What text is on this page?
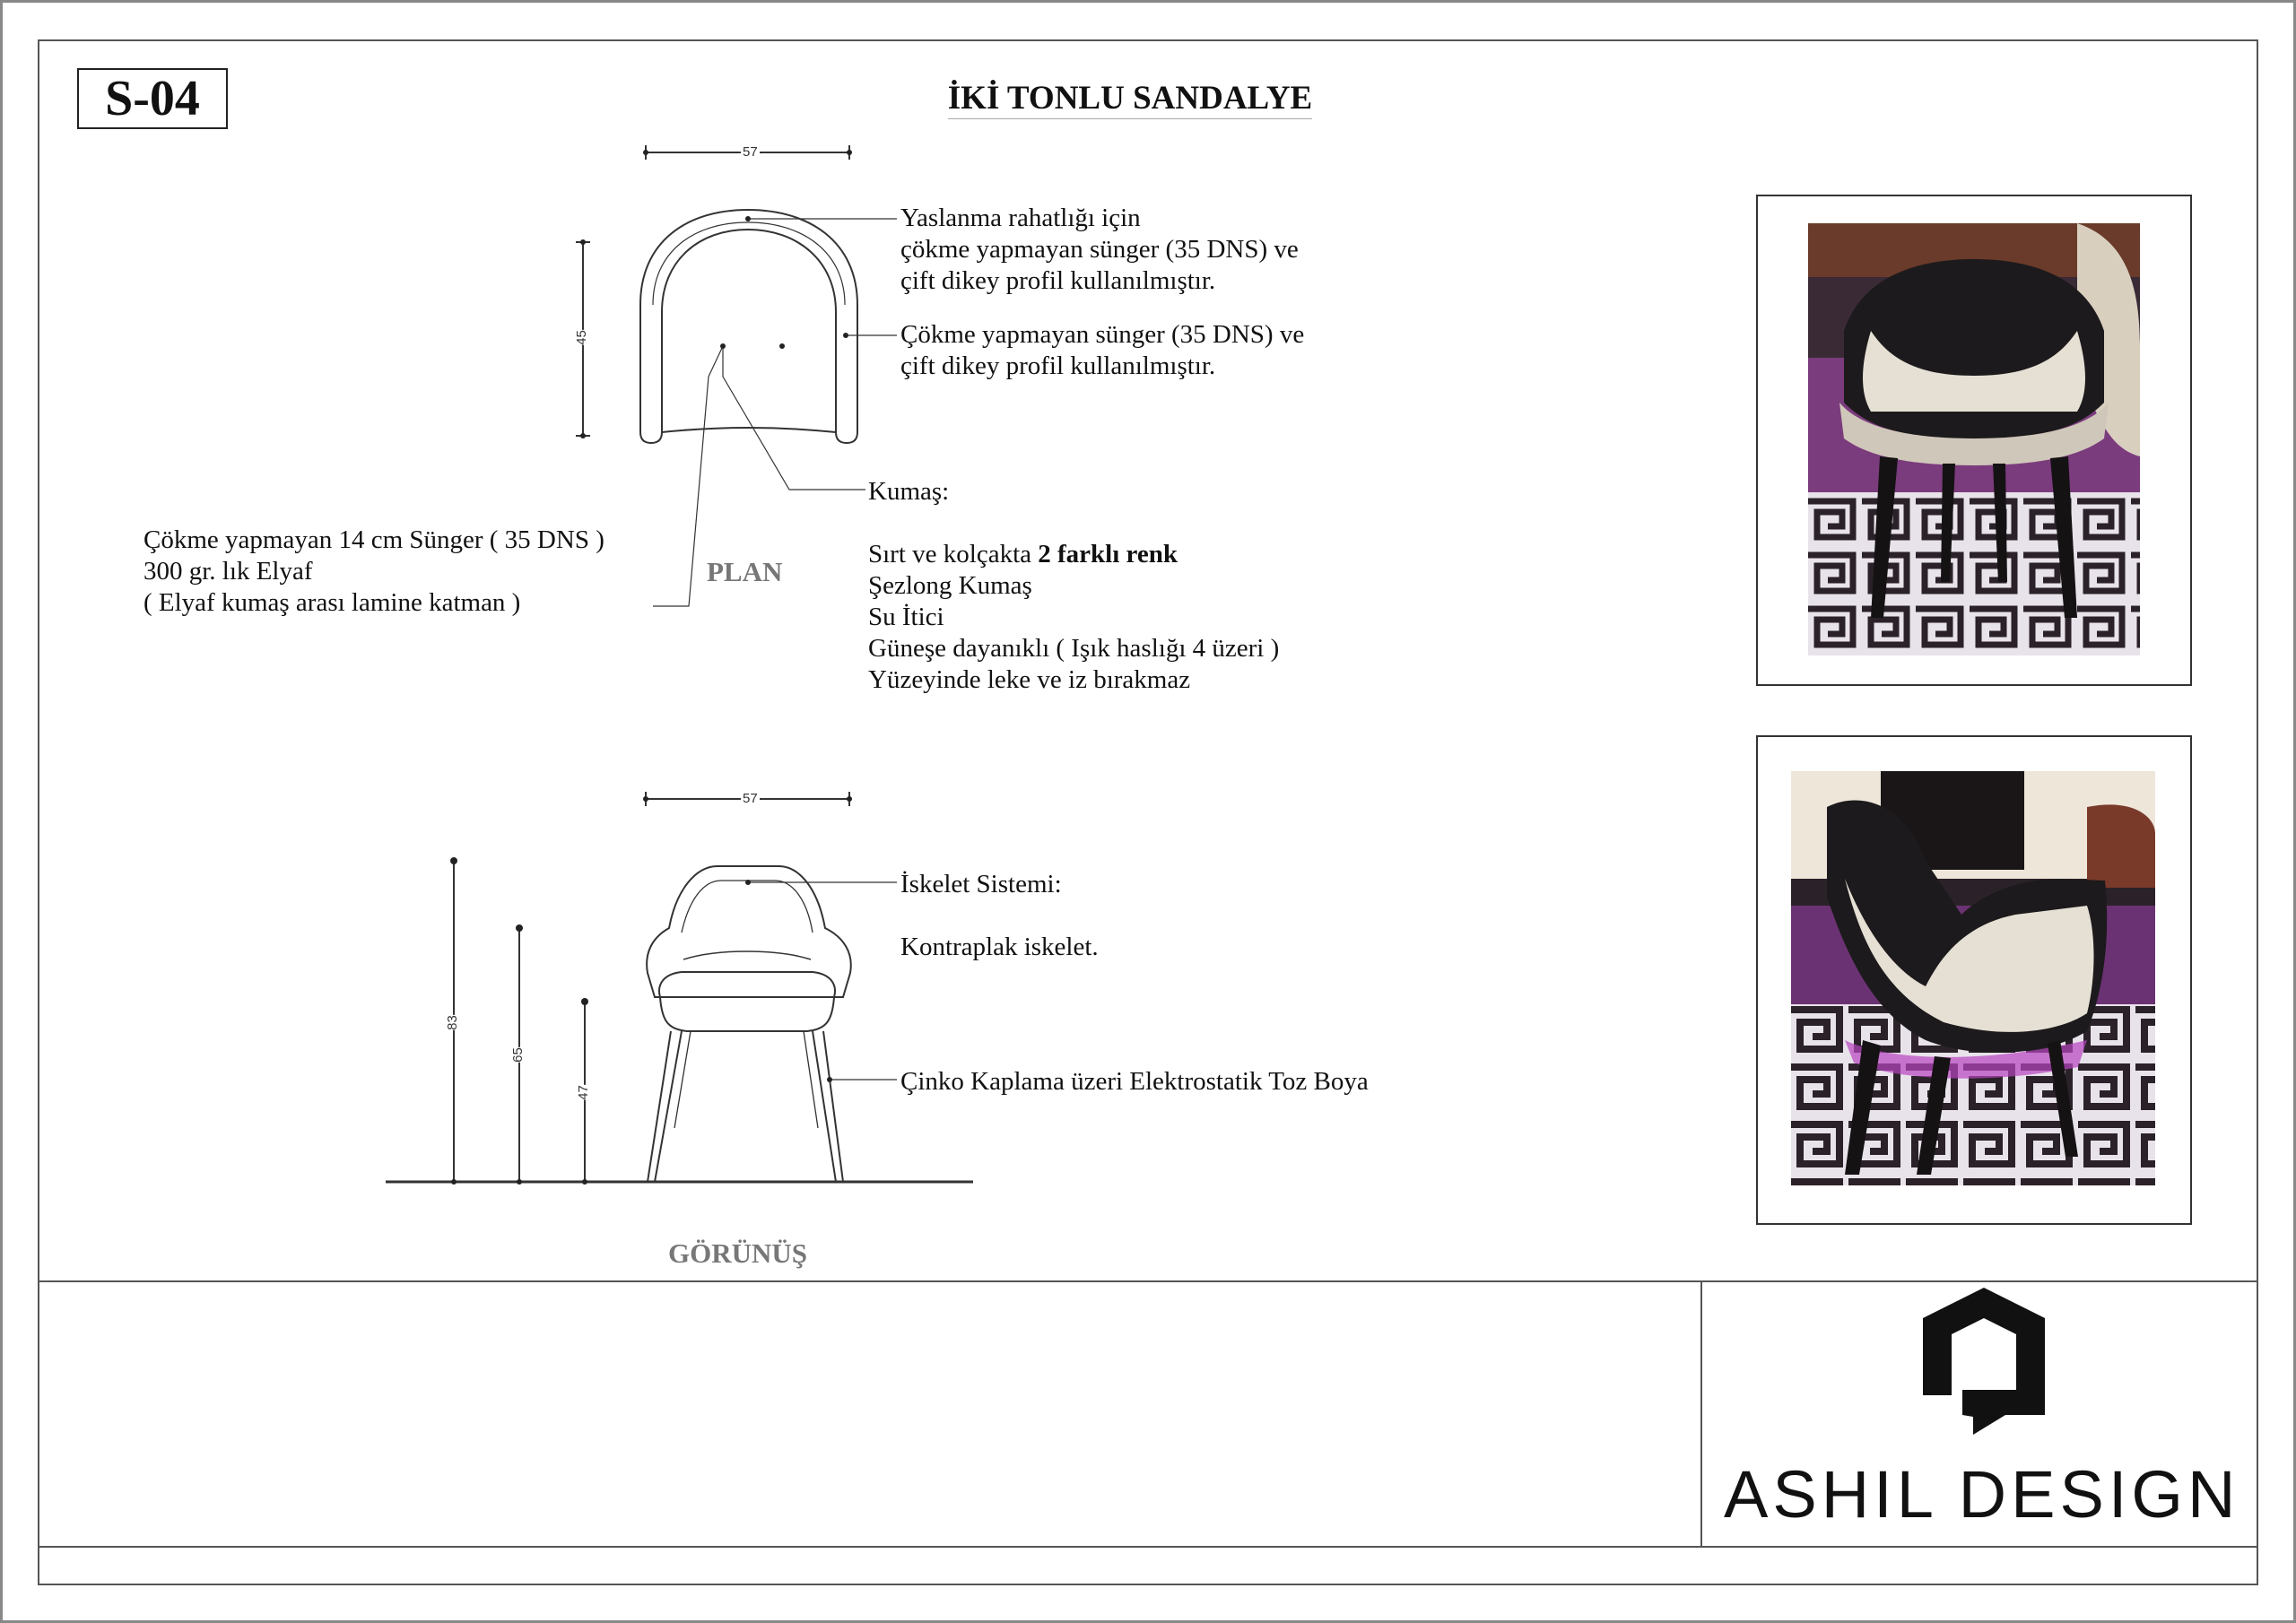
S-04	İKİ TONLU SANDALYE
57
45
57
83
65
47
Yaslanma rahatlığı için
çökme yapmayan sünger (35 DNS) ve
çift dikey profil kullanılmıştır.
Çökme yapmayan sünger (35 DNS) ve
çift dikey profil kullanılmıştır.
Çökme yapmayan 14 cm Sünger ( 35 DNS )
300 gr. lık Elyaf
( Elyaf kumaş arası lamine katman )
PLAN
Kumaş:
Sırt ve kolçakta 2 farklı renk
Şezlong Kumaş
Su İtici
Güneşe dayanıklı ( Işık haslığı 4 üzeri )
Yüzeyinde leke ve iz bırakmaz
İskelet Sistemi:
Kontraplak iskelet.
Çinko Kaplama üzeri Elektrostatik Toz Boya
GÖRÜNÜŞ
ASHIL DESIGN
